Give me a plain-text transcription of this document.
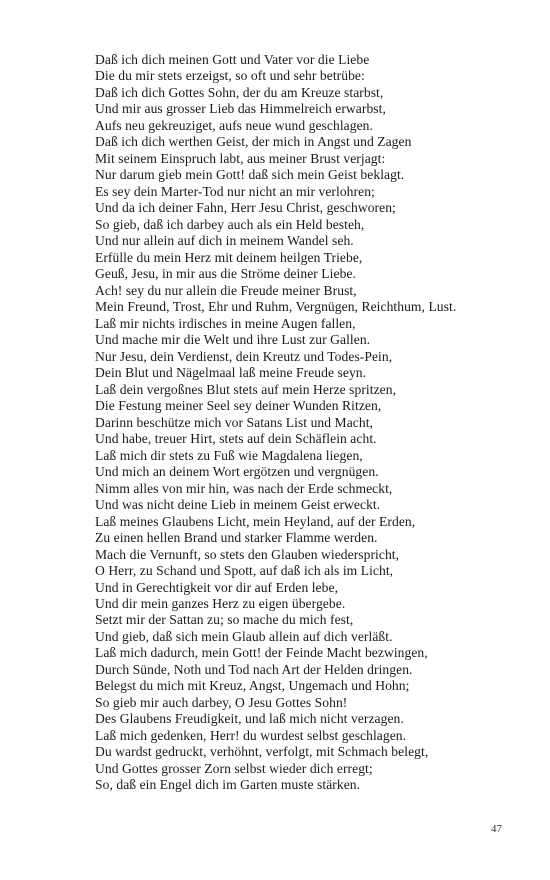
Daß ich dich meinen Gott und Vater vor die Liebe
Die du mir stets erzeigst, so oft und sehr betrübe:
Daß ich dich Gottes Sohn, der du am Kreuze starbst,
Und mir aus grosser Lieb das Himmelreich erwarbst,
Aufs neu gekreuziget, aufs neue wund geschlagen.
Daß ich dich werthen Geist, der mich in Angst und Zagen
Mit seinem Einspruch labt, aus meiner Brust verjagt:
Nur darum gieb mein Gott! daß sich mein Geist beklagt.
Es sey dein Marter-Tod nur nicht an mir verlohren;
Und da ich deiner Fahn, Herr Jesu Christ, geschworen;
So gieb, daß ich darbey auch als ein Held besteh,
Und nur allein auf dich in meinem Wandel seh.
Erfülle du mein Herz mit deinem heilgen Triebe,
Geuß, Jesu, in mir aus die Ströme deiner Liebe.
Ach! sey du nur allein die Freude meiner Brust,
Mein Freund, Trost, Ehr und Ruhm, Vergnügen, Reichthum, Lust.
Laß mir nichts irdisches in meine Augen fallen,
Und mache mir die Welt und ihre Lust zur Gallen.
Nur Jesu, dein Verdienst, dein Kreutz und Todes-Pein,
Dein Blut und Nägelmaal laß meine Freude seyn.
Laß dein vergoßnes Blut stets auf mein Herze spritzen,
Die Festung meiner Seel sey deiner Wunden Ritzen,
Darinn beschütze mich vor Satans List und Macht,
Und habe, treuer Hirt, stets auf dein Schäflein acht.
Laß mich dir stets zu Fuß wie Magdalena liegen,
Und mich an deinem Wort ergötzen und vergnügen.
Nimm alles von mir hin, was nach der Erde schmeckt,
Und was nicht deine Lieb in meinem Geist erweckt.
Laß meines Glaubens Licht, mein Heyland, auf der Erden,
Zu einen hellen Brand und starker Flamme werden.
Mach die Vernunft, so stets den Glauben wiederspricht,
O Herr, zu Schand und Spott, auf daß ich als im Licht,
Und in Gerechtigkeit vor dir auf Erden lebe,
Und dir mein ganzes Herz zu eigen übergebe.
Setzt mir der Sattan zu; so mache du mich fest,
Und gieb, daß sich mein Glaub allein auf dich verläßt.
Laß mich dadurch, mein Gott! der Feinde Macht bezwingen,
Durch Sünde, Noth und Tod nach Art der Helden dringen.
Belegst du mich mit Kreuz, Angst, Ungemach und Hohn;
So gieb mir auch darbey, O Jesu Gottes Sohn!
Des Glaubens Freudigkeit, und laß mich nicht verzagen.
Laß mich gedenken, Herr! du wurdest selbst geschlagen.
Du wardst gedruckt, verhöhnt, verfolgt, mit Schmach belegt,
Und Gottes grosser Zorn selbst wieder dich erregt;
So, daß ein Engel dich im Garten muste stärken.
47
